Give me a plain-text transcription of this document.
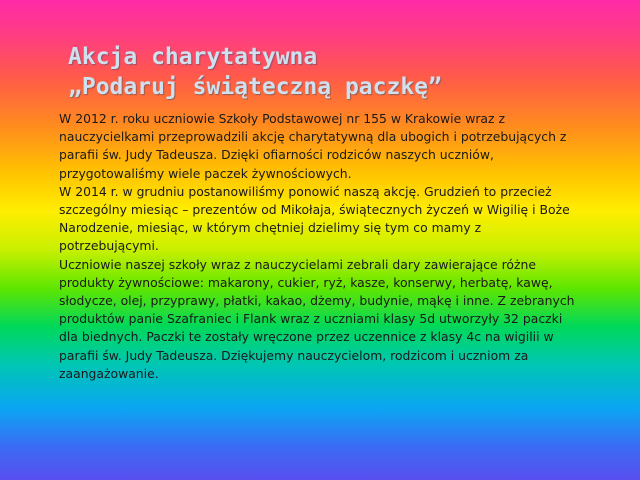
Akcja charytatywna
„Podaruj świąteczną paczkę”

W 2012 r. roku uczniowie Szkoły Podstawowej nr 155 w Krakowie wraz z nauczycielkami przeprowadzili akcję charytatywną dla ubogich i potrzebujących z parafii św. Judy Tadeusza. Dzięki ofiarności rodziców naszych uczniów, przygotowaliśmy wiele paczek żywnościowych.

W 2014 r. w grudniu postanowiliśmy ponowić naszą akcję. Grudzień to przecież szczególny miesiąc – prezentów od Mikołaja, świątecznych życzeń w Wigilię i Boże Narodzenie, miesiąc, w którym chętniej dzielimy się tym co mamy z potrzebującymi.

Uczniowie naszej szkoły wraz z nauczycielami zebrali dary zawierające różne produkty żywnościowe: makarony, cukier, ryż, kasze, konserwy, herbatę, kawę, słodycze, olej, przyprawy, płatki, kakao, dżemy, budynie, mąkę i inne. Z zebranych produktów panie Szafraniec i Flank wraz z uczniami klasy 5d utworzyły 32 paczki dla biednych. Paczki te zostały wręczone przez uczennice z klasy 4c na wigilii w parafii św. Judy Tadeusza. Dziękujemy nauczycielom, rodzicom i uczniom za zaangażowanie.
